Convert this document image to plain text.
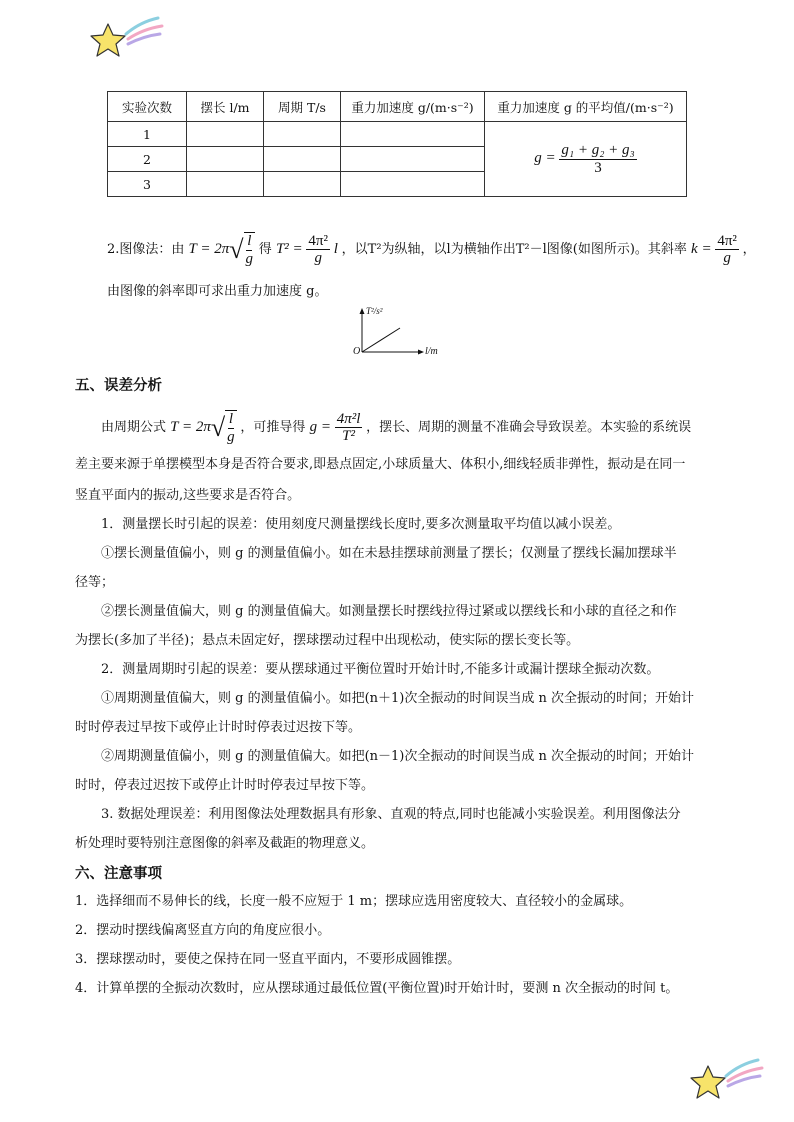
实验次数	摆长 l/m	周期 T/s	重力加速度 g/(m·s⁻²)	重力加速度 g 的平均值/(m·s⁻²)
1				$g = \frac{\text{g₁ + g₂ + g₃}}{3}$

2				
3				
2.图像法：由 T = 2π √ l
g
得 $T^2 = \frac{\text{4π²}}{g}$ l ，以T²为纵轴，以l为横轴作出T²－l图像(如图所示)。其斜率 $k = \frac{\text{4π²}}{g}$ ，
由图像的斜率即可求出重力加速度 g。
T²/s²
l/m
O
五、误差分析
由周期公式 T = 2π √ l
g
，可推导得 $g = \frac{\text{4π²l}}{\text{T²}}$ ，摆长、周期的测量不准确会导致误差。本实验的系统误
差主要来源于单摆模型本身是否符合要求,即悬点固定,小球质量大、体积小,细线轻质非弹性，振动是在同一
竖直平面内的振动,这些要求是否符合。
1．测量摆长时引起的误差：使用刻度尺测量摆线长度时,要多次测量取平均值以减小误差。
①摆长测量值偏小，则 g 的测量值偏小。如在未悬挂摆球前测量了摆长；仅测量了摆线长漏加摆球半
径等；
②摆长测量值偏大，则 g 的测量值偏大。如测量摆长时摆线拉得过紧或以摆线长和小球的直径之和作
为摆长(多加了半径)；悬点未固定好，摆球摆动过程中出现松动，使实际的摆长变长等。
2．测量周期时引起的误差：要从摆球通过平衡位置时开始计时,不能多计或漏计摆球全振动次数。
①周期测量值偏大，则 g 的测量值偏小。如把(n＋1)次全振动的时间误当成 n 次全振动的时间；开始计
时时停表过早按下或停止计时时停表过迟按下等。
②周期测量值偏小，则 g 的测量值偏大。如把(n－1)次全振动的时间误当成 n 次全振动的时间；开始计
时时，停表过迟按下或停止计时时停表过早按下等。
3. 数据处理误差：利用图像法处理数据具有形象、直观的特点,同时也能减小实验误差。利用图像法分
析处理时要特别注意图像的斜率及截距的物理意义。
六、注意事项
1．选择细而不易伸长的线，长度一般不应短于 1 m；摆球应选用密度较大、直径较小的金属球。
2．摆动时摆线偏离竖直方向的角度应很小。
3．摆球摆动时，要使之保持在同一竖直平面内，不要形成圆锥摆。
4．计算单摆的全振动次数时，应从摆球通过最低位置(平衡位置)时开始计时，要测 n 次全振动的时间 t。
